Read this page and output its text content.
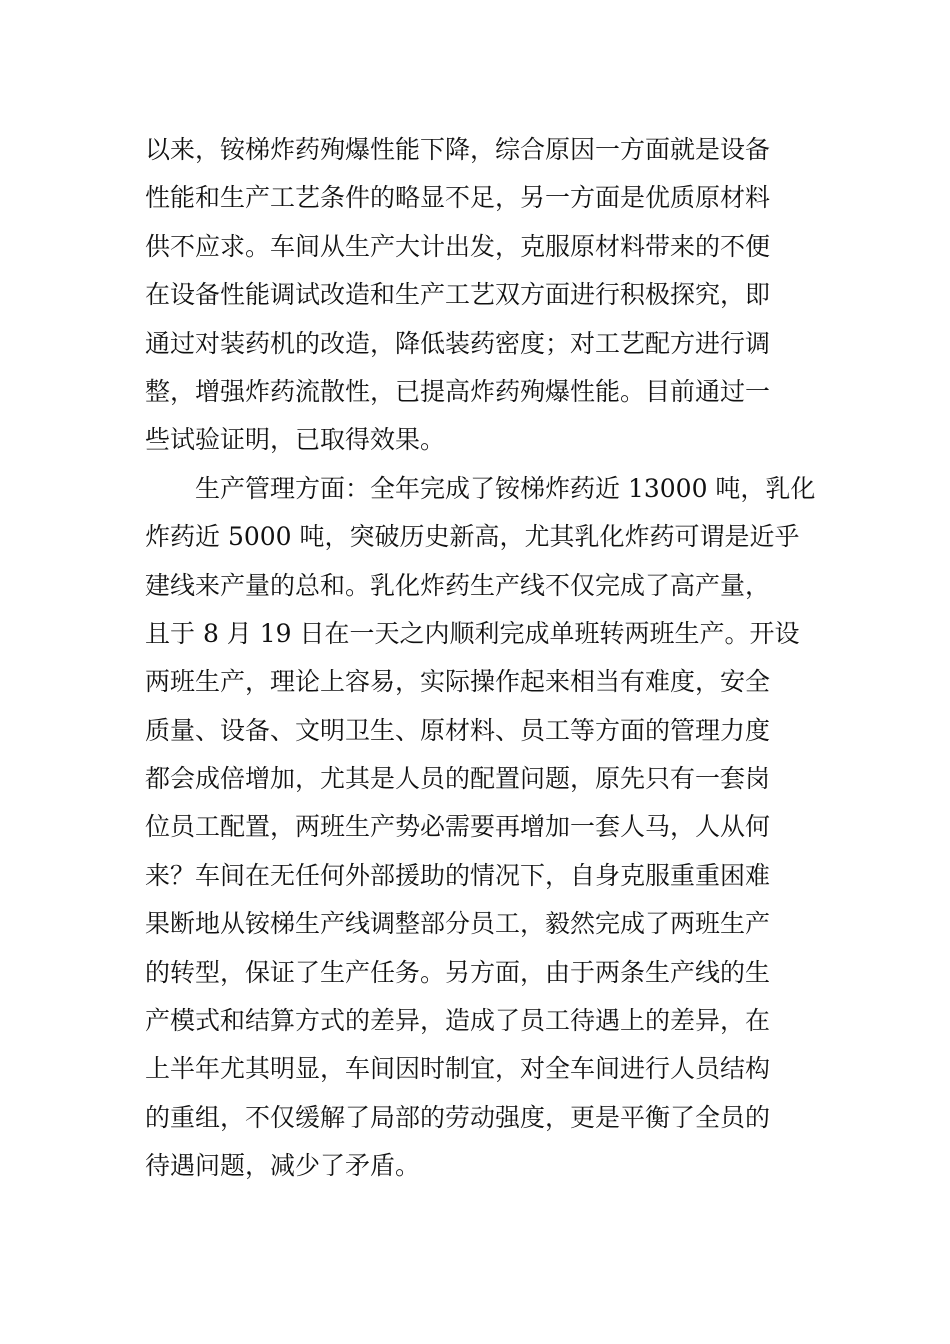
以来，铵梯炸药殉爆性能下降，综合原因一方面就是设备
性能和生产工艺条件的略显不足，另一方面是优质原材料
供不应求。车间从生产大计出发，克服原材料带来的不便
在设备性能调试改造和生产工艺双方面进行积极探究，即
通过对装药机的改造，降低装药密度；对工艺配方进行调
整，增强炸药流散性，已提高炸药殉爆性能。目前通过一
些试验证明，已取得效果。
　　生产管理方面：全年完成了铵梯炸药近 13000 吨，乳化
炸药近 5000 吨，突破历史新高，尤其乳化炸药可谓是近乎
建线来产量的总和。乳化炸药生产线不仅完成了高产量，
且于 8 月 19 日在一天之内顺利完成单班转两班生产。开设
两班生产，理论上容易，实际操作起来相当有难度，安全
质量、设备、文明卫生、原材料、员工等方面的管理力度
都会成倍增加，尤其是人员的配置问题，原先只有一套岗
位员工配置，两班生产势必需要再增加一套人马，人从何
来？车间在无任何外部援助的情况下，自身克服重重困难
果断地从铵梯生产线调整部分员工，毅然完成了两班生产
的转型，保证了生产任务。另方面，由于两条生产线的生
产模式和结算方式的差异，造成了员工待遇上的差异，在
上半年尤其明显，车间因时制宜，对全车间进行人员结构
的重组，不仅缓解了局部的劳动强度，更是平衡了全员的
待遇问题，减少了矛盾。
